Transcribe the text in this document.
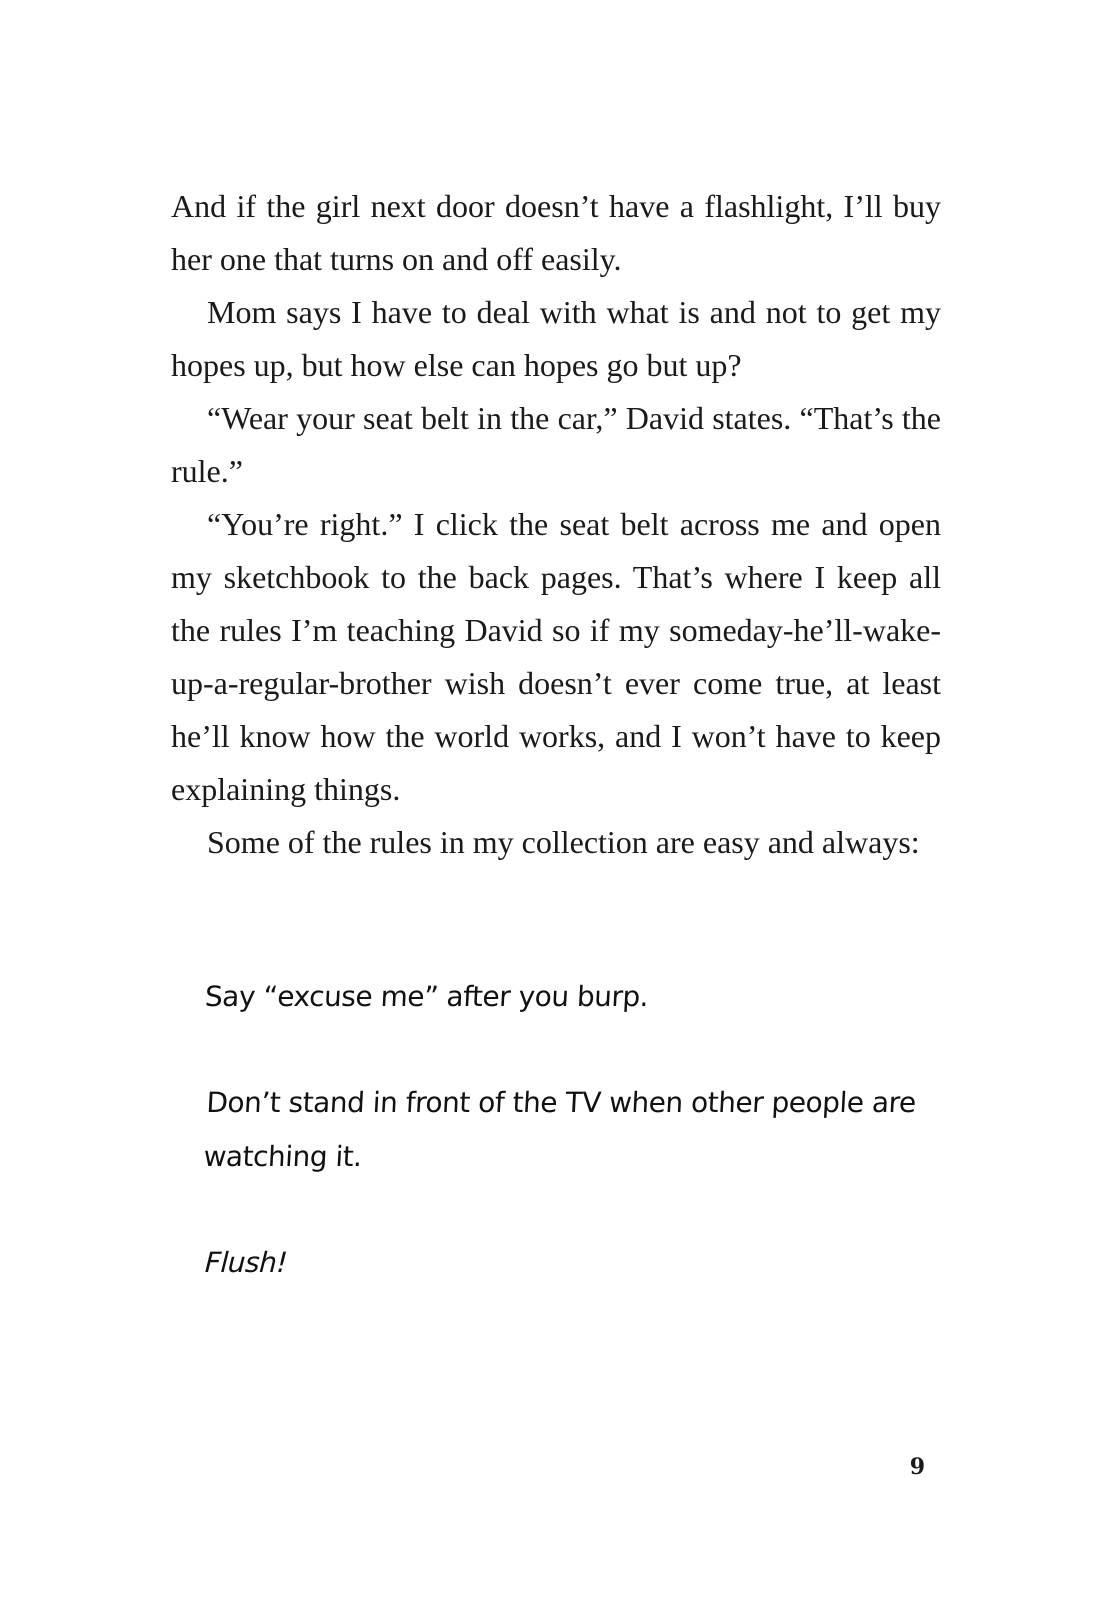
And if the girl next door doesn’t have a flashlight, I’ll buy her one that turns on and off easily.

Mom says I have to deal with what is and not to get my hopes up, but how else can hopes go but up?

“Wear your seat belt in the car,” David states. “That’s the rule.”

“You’re right.” I click the seat belt across me and open my sketchbook to the back pages. That’s where I keep all the rules I’m teaching David so if my someday-he’ll-wake-up-a-regular-brother wish doesn’t ever come true, at least he’ll know how the world works, and I won’t have to keep explaining things.

Some of the rules in my collection are easy and always:

Say “excuse me” after you burp.

Don’t stand in front of the TV when other people are watching it.

Flush!

9
